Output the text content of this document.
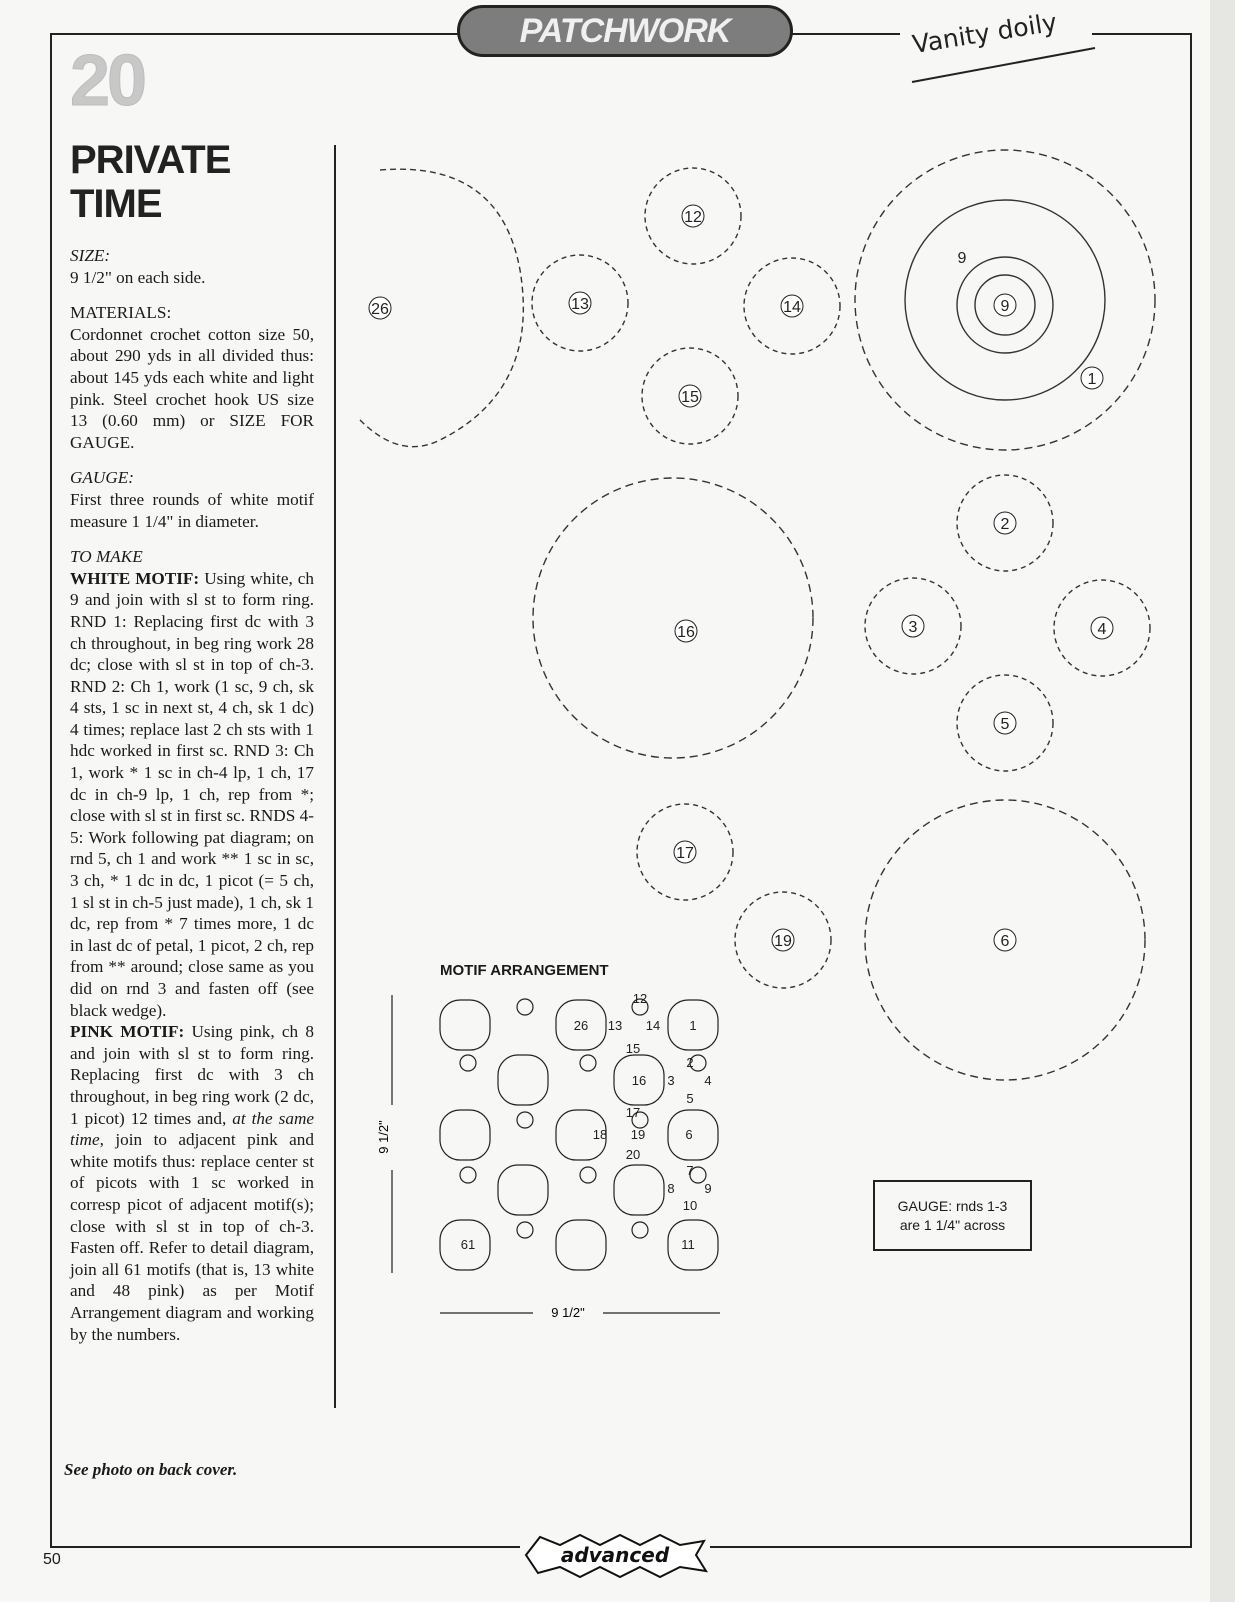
PATCHWORK	Vanity doily
20
PRIVATE
TIME

SIZE:

9 1/2" on each side.

MATERIALS:

Cordonnet crochet cotton size 50, about 290 yds in all divided thus: about 145 yds each white and light pink. Steel crochet hook US size 13 (0.60 mm) or SIZE FOR GAUGE.

GAUGE:

First three rounds of white motif measure 1 1/4" in diameter.

TO MAKE

WHITE MOTIF: Using white, ch 9 and join with sl st to form ring. RND 1: Replacing first dc with 3 ch throughout, in beg ring work 28 dc; close with sl st in top of ch-3. RND 2: Ch 1, work (1 sc, 9 ch, sk 4 sts, 1 sc in next st, 4 ch, sk 1 dc) 4 times; replace last 2 ch sts with 1 hdc worked in first sc. RND 3: Ch 1, work * 1 sc in ch-4 lp, 1 ch, 17 dc in ch-9 lp, 1 ch, rep from *; close with sl st in first sc. RNDS 4-5: Work following pat diagram; on rnd 5, ch 1 and work ** 1 sc in sc, 3 ch, * 1 dc in dc, 1 picot (= 5 ch, 1 sl st in ch-5 just made), 1 ch, sk 1 dc, rep from * 7 times more, 1 dc in last dc of petal, 1 picot, 2 ch, rep from ** around; close same as you did on rnd 3 and fasten off (see black wedge).

PINK MOTIF: Using pink, ch 8 and join with sl st to form ring. Replacing first dc with 3 ch throughout, in beg ring work (2 dc, 1 picot) 12 times and, at the same time, join to adjacent pink and white motifs thus: replace center st of picots with 1 sc worked in corresp picot of adjacent motif(s); close with sl st in top of ch-3. Fasten off. Refer to detail diagram, join all 61 motifs (that is, 13 white and 48 pink) as per Motif Arrangement diagram and working by the numbers.

See photo on back cover.
50
26
12
13	14
15
9
9
1
2
3	4
5
16
6
17
19
MOTIF ARRANGEMENT
9 1/2"
9 1/2"
26
12
13 14 1
15
2
16 3 4
5
17
18 19	6
20
7
8 9
10
61	11
GAUGE: rnds 1-3
are 1 1/4" across
advanced
